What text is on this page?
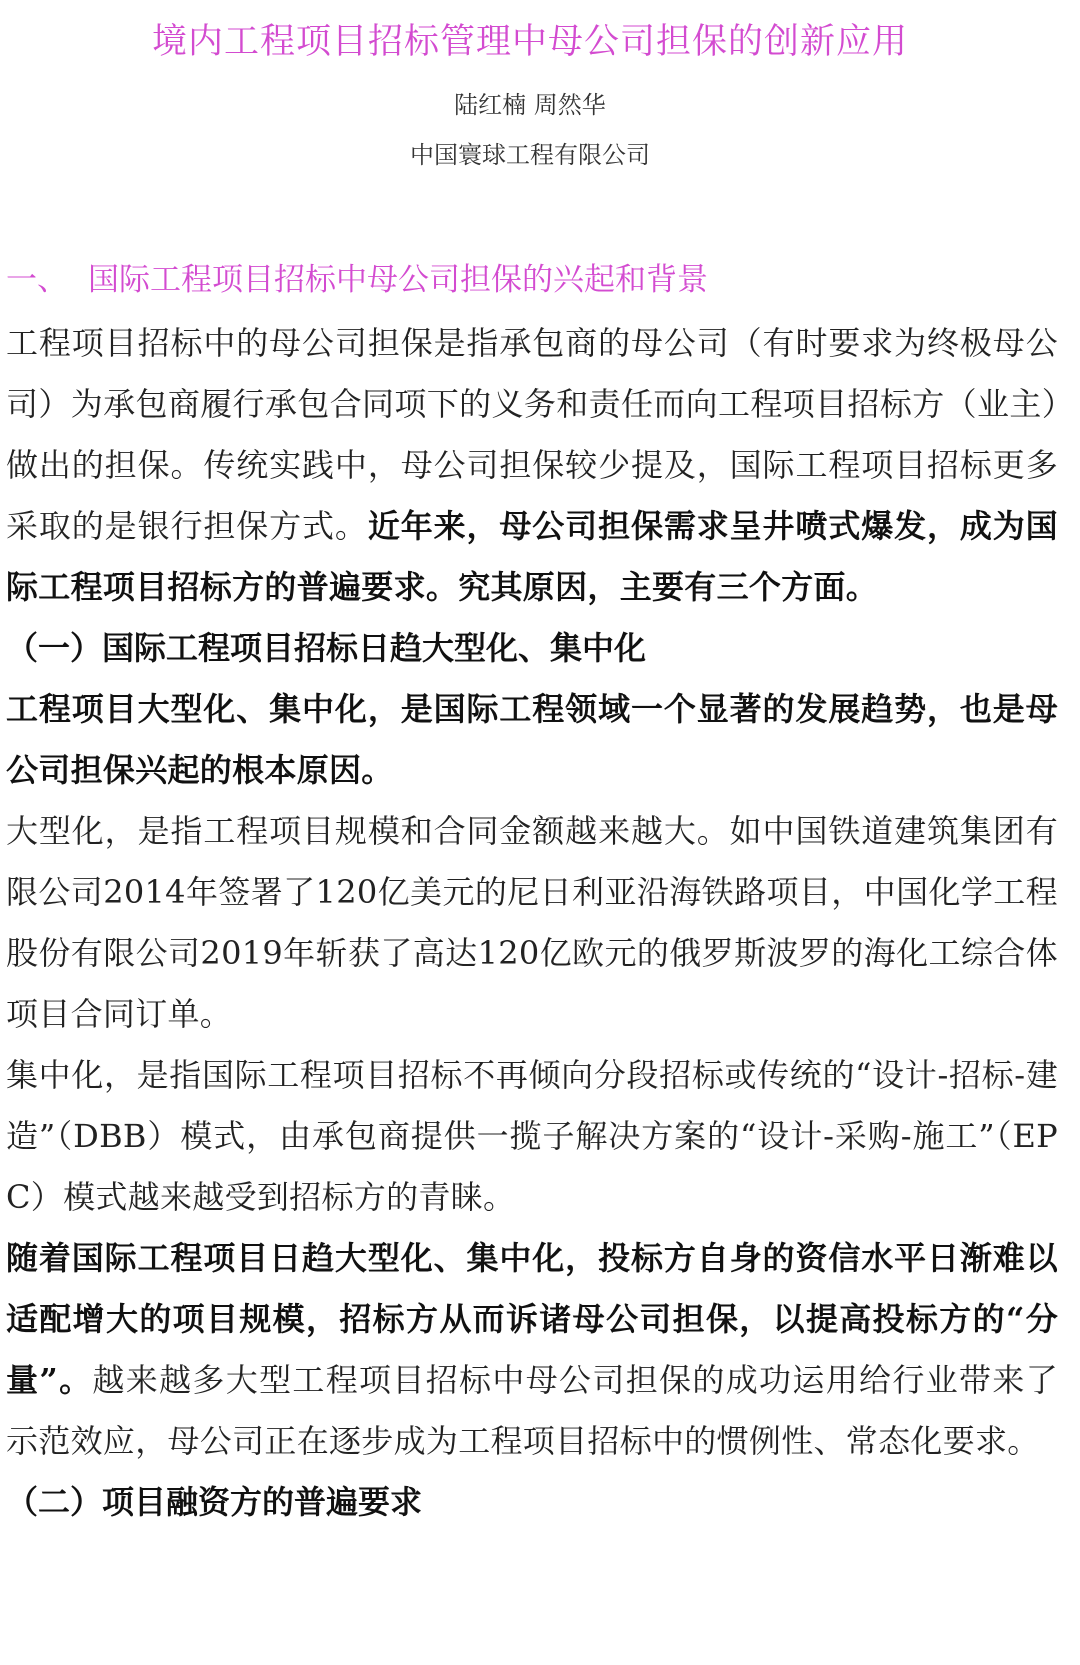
境内工程项目招标管理中母公司担保的创新应用
陆红楠 周然华
中国寰球工程有限公司
一、 国际工程项目招标中母公司担保的兴起和背景

工程项目招标中的母公司担保是指承包商的母公司（有时要求为终极母公司）为承包商履行承包合同项下的义务和责任而向工程项目招标方（业主）做出的担保。传统实践中，母公司担保较少提及，国际工程项目招标更多采取的是银行担保方式。近年来，母公司担保需求呈井喷式爆发，成为国际工程项目招标方的普遍要求。究其原因，主要有三个方面。

（一）国际工程项目招标日趋大型化、集中化

工程项目大型化、集中化，是国际工程领域一个显著的发展趋势，也是母公司担保兴起的根本原因。

大型化，是指工程项目规模和合同金额越来越大。如中国铁道建筑集团有限公司2014年签署了120亿美元的尼日利亚沿海铁路项目，中国化学工程股份有限公司2019年斩获了高达120亿欧元的俄罗斯波罗的海化工综合体项目合同订单。

集中化，是指国际工程项目招标不再倾向分段招标或传统的“设计-招标-建造”（DBB）模式，由承包商提供一揽子解决方案的“设计-采购-施工”（EPC）模式越来越受到招标方的青睐。

随着国际工程项目日趋大型化、集中化，投标方自身的资信水平日渐难以适配增大的项目规模，招标方从而诉诸母公司担保，以提高投标方的“分量”。越来越多大型工程项目招标中母公司担保的成功运用给行业带来了示范效应，母公司正在逐步成为工程项目招标中的惯例性、常态化要求。

（二）项目融资方的普遍要求
